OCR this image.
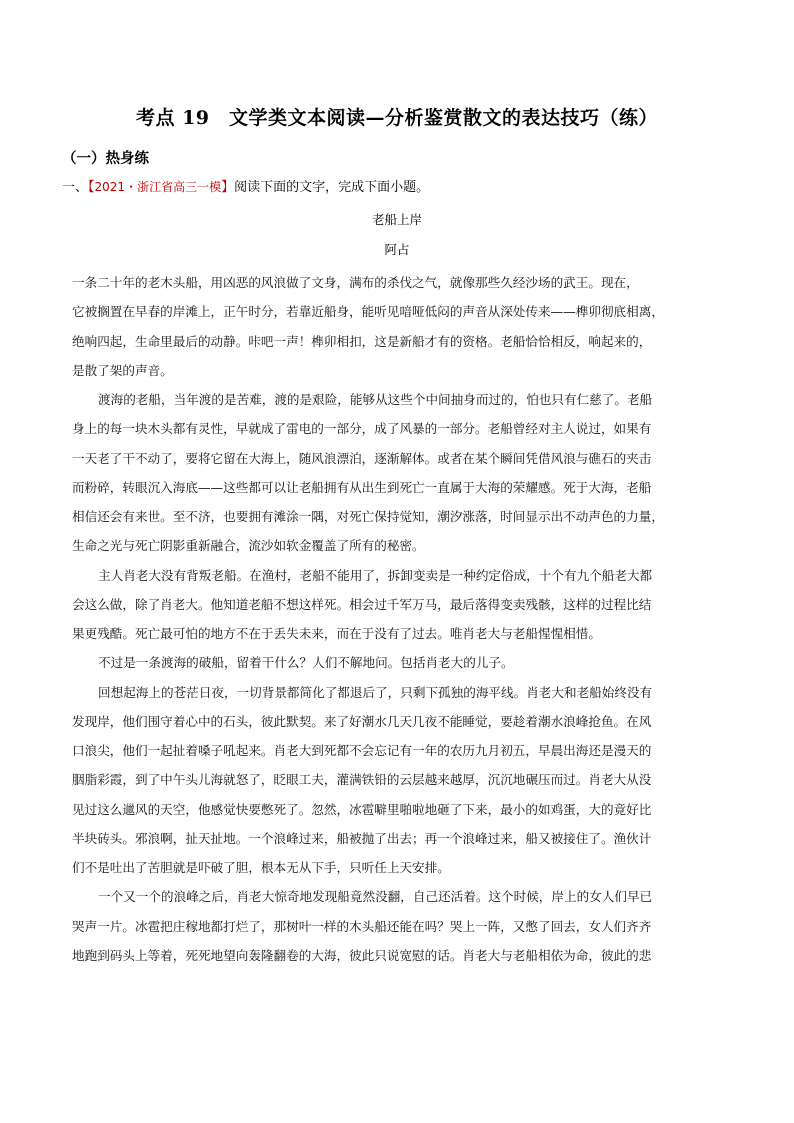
考点 19　文学类文本阅读—分析鉴赏散文的表达技巧（练）
（一）热身练
一、【2021・浙江省高三一模】阅读下面的文字，完成下面小题。
老船上岸
阿占
一条二十年的老木头船，用凶恶的风浪做了文身，满布的杀伐之气，就像那些久经沙场的武王。现在，
它被搁置在早春的岸滩上，正午时分，若靠近船身，能听见喑哑低闷的声音从深处传来——榫卯彻底相离，
绝响四起，生命里最后的动静。咔吧一声！榫卯相扣，这是新船才有的资格。老船恰恰相反，响起来的，
是散了架的声音。
渡海的老船，当年渡的是苦难，渡的是艰险，能够从这些个中间抽身而过的，怕也只有仁慈了。老船
身上的每一块木头都有灵性，早就成了雷电的一部分，成了风暴的一部分。老船曾经对主人说过，如果有
一天老了干不动了，要将它留在大海上，随风浪漂泊，逐渐解体。或者在某个瞬间凭借风浪与礁石的夹击
而粉碎，转眼沉入海底——这些都可以让老船拥有从出生到死亡一直属于大海的荣耀感。死于大海，老船
相信还会有来世。至不济，也要拥有滩涂一隅，对死亡保持觉知，潮汐涨落，时间显示出不动声色的力量，
生命之光与死亡阴影重新融合，流沙如软金覆盖了所有的秘密。
主人肖老大没有背叛老船。在渔村，老船不能用了，拆卸变卖是一种约定俗成，十个有九个船老大都
会这么做，除了肖老大。他知道老船不想这样死。相会过千军万马，最后落得变卖残骸，这样的过程比结
果更残酷。死亡最可怕的地方不在于丢失未来，而在于没有了过去。唯肖老大与老船惺惺相惜。
不过是一条渡海的破船，留着干什么？人们不解地问。包括肖老大的儿子。
回想起海上的苍茫日夜，一切背景都简化了都退后了，只剩下孤独的海平线。肖老大和老船始终没有
发现岸，他们围守着心中的石头，彼此默契。来了好潮水几天几夜不能睡觉，要趁着潮水浪峰抢鱼。在风
口浪尖，他们一起扯着嗓子吼起来。肖老大到死都不会忘记有一年的农历九月初五，早晨出海还是漫天的
胭脂彩霞，到了中午头儿海就怒了，眨眼工夫，灌满铁铅的云层越来越厚，沉沉地碾压而过。肖老大从没
见过这么邋风的天空，他感觉快要憋死了。忽然，冰雹噼里啪啦地砸了下来，最小的如鸡蛋，大的竟好比
半块砖头。邪浪啊，扯天扯地。一个浪峰过来，船被抛了出去；再一个浪峰过来，船又被接住了。渔伙计
们不是吐出了苦胆就是吓破了胆，根本无从下手，只听任上天安排。
一个又一个的浪峰之后，肖老大惊奇地发现船竟然没翻，自己还活着。这个时候，岸上的女人们早已
哭声一片。冰雹把庄稼地都打烂了，那树叶一样的木头船还能在吗？哭上一阵，又憋了回去，女人们齐齐
地跑到码头上等着，死死地望向轰隆翻卷的大海，彼此只说宽慰的话。肖老大与老船相依为命，彼此的悲
